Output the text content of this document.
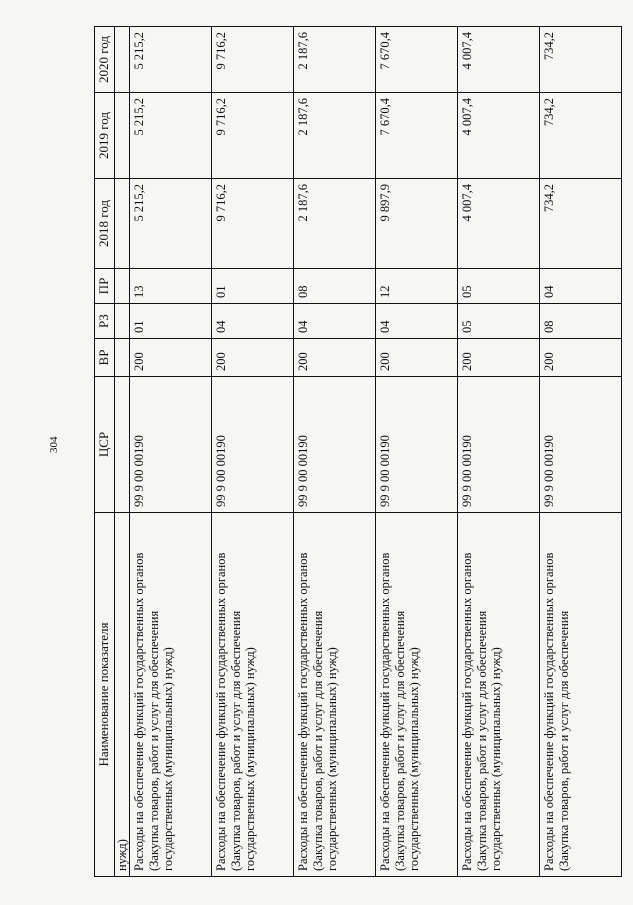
304
Наименование показателя	ЦСР	ВР	РЗ	ПР	2018 год	2019 год	2020 год
нужд)							
Расходы на обеспечение функций государственных органов (Закупка товаров, работ и услуг для обеспечения государственных (муниципальных) нужд)	99 9 00 00190	200	01	13	5 215,2	5 215,2	5 215,2
Расходы на обеспечение функций государственных органов (Закупка товаров, работ и услуг для обеспечения государственных (муниципальных) нужд)	99 9 00 00190	200	04	01	9 716,2	9 716,2	9 716,2
Расходы на обеспечение функций государственных органов (Закупка товаров, работ и услуг для обеспечения государственных (муниципальных) нужд)	99 9 00 00190	200	04	08	2 187,6	2 187,6	2 187,6
Расходы на обеспечение функций государственных органов (Закупка товаров, работ и услуг для обеспечения государственных (муниципальных) нужд)	99 9 00 00190	200	04	12	9 897,9	7 670,4	7 670,4
Расходы на обеспечение функций государственных органов (Закупка товаров, работ и услуг для обеспечения государственных (муниципальных) нужд)	99 9 00 00190	200	05	05	4 007,4	4 007,4	4 007,4
Расходы на обеспечение функций государственных органов (Закупка товаров, работ и услуг для обеспечения	99 9 00 00190	200	08	04	734,2	734,2	734,2
